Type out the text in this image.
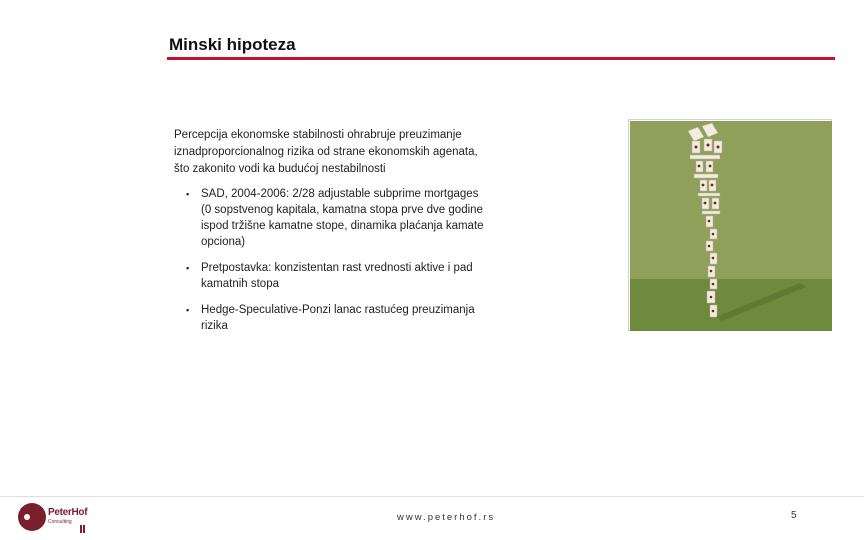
Minski hipoteza

Percepcija ekonomske stabilnosti ohrabruje preuzimanje
iznadproporcionalnog rizika od strane ekonomskih agenata,
što zakonito vodi ka budućoj nestabilnosti

▪ SAD, 2004-2006: 2/28 adjustable subprime mortgages
(0 sopstvenog kapitala, kamatna stopa prve dve godine
ispod tržišne kamatne stope, dinamika plaćanja kamate
opciona)
▪ Pretpostavka: konzistentan rast vrednosti aktive i pad
kamatnih stopa
▪ Hedge-Speculative-Ponzi lanac rastućeg preuzimanja
rizika
PeterHof
Consulting	www.peterhof.rs	5
